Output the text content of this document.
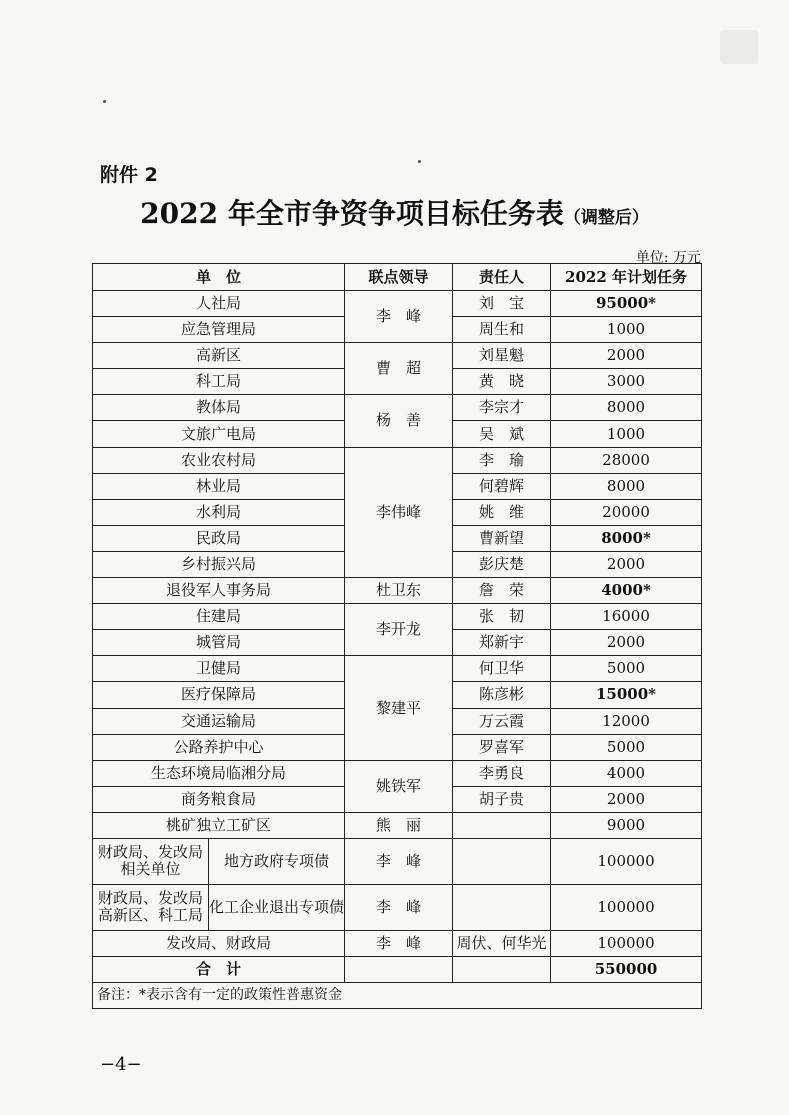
附件 2
2022 年全市争资争项目标任务表（调整后）
单位: 万元
单　位		联点领导	责任人	2022 年计划任务
人社局		李　峰	刘　宝	95000*
应急管理局			周生和	1000
高新区		曹　超	刘星魁	2000
科工局			黄　晓	3000
教体局		杨　善	李宗才	8000
文旅广电局			吴　斌	1000
农业农村局		李伟峰	李　瑜	28000
林业局			何碧辉	8000
水利局			姚　维	20000
民政局			曹新望	8000*
乡村振兴局			彭庆楚	2000
退役军人事务局		杜卫东	詹　荣	4000*
住建局		李开龙	张　韧	16000
城管局			郑新宇	2000
卫健局		黎建平	何卫华	5000
医疗保障局			陈彦彬	15000*
交通运输局			万云霞	12000
公路养护中心			罗喜军	5000
生态环境局临湘分局		姚铁军	李勇良	4000
商务粮食局			胡子贵	2000
桃矿独立工矿区		熊　丽		9000
财政局、发改局相关单位	地方政府专项债	李　峰		100000
财政局、发改局高新区、科工局	化工企业退出专项债	李　峰		100000
发改局、财政局		李　峰	周伏、何华光	100000
合　计				550000
备注：*表示含有一定的政策性普惠资金				
−4−
